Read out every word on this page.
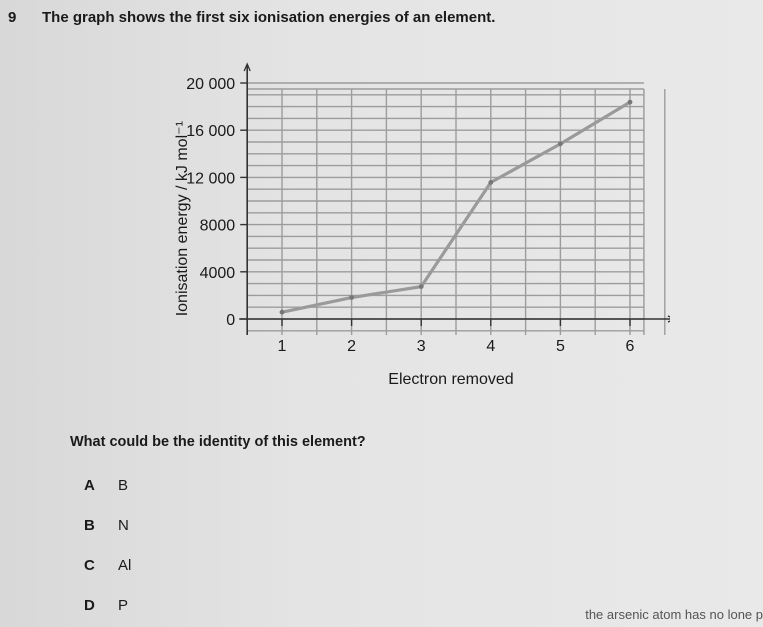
9 The graph shows the first six ionisation energies of an element.
0
4000
8000
12 000
16 000
20 000
1	2	3	4	5	6
Electron removed
Ionisation energy / kJ mol⁻¹
What could be the identity of this element?
A B
B N
C Al
D P
the arsenic atom has no lone p
